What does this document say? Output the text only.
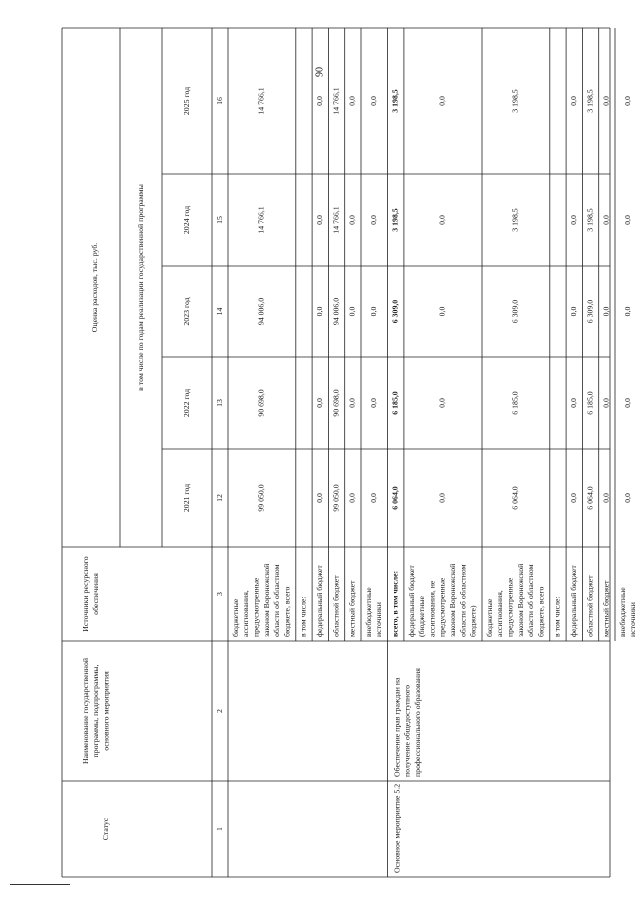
90
Статус
Наименование государственной программы, подпрограммы, основного мероприятия
Источники ресурсного обеспечения
Оценка расходов, тыс. руб.	в том числе по годам реализации государственной программы
2021 год
2022 год
2023 год
2024 год
2025 год
1
2
3
12
13
14
15
16
бюджетные ассигнования, предусмотренные законом Воронежской области об областном бюджете, всего
99 050,0
90 698,0
94 006,0
14 766,1
14 766,1
в том числе: федеральный бюджет
0,0
0,0
0,0
0,0
0,0
областной бюджет
99 050,0
90 698,0
94 006,0
14 766,1
14 766,1
местный бюджет
0,0
0,0
0,0
0,0
0,0
внебюджетные источники
0,0
0,0
0,0
0,0
0,0
всего, в том числе:
6 064,0
6 185,0
6 309,0
3 198,5
3 198,5
Основное мероприятие 5.2
Обеспечение прав граждан на получение общедоступного профессионального образования
федеральный бюджет (бюджетные ассигнования, не предусмотренные законом Воронежской области об областном бюджете)
0,0
0,0
0,0
0,0
0,0
бюджетные ассигнования, предусмотренные законом Воронежской области об областном бюджете, всего
6 064,0
6 185,0
6 309,0
3 198,5
3 198,5
в том числе: федеральный бюджет
0,0
0,0
0,0
0,0
0,0
областной бюджет
6 064,0
6 185,0
6 309,0
3 198,5
3 198,5
местный бюджет
0,0
0,0
0,0
0,0
0,0
внебюджетные источники
0,0
0,0
0,0
0,0
0,0
